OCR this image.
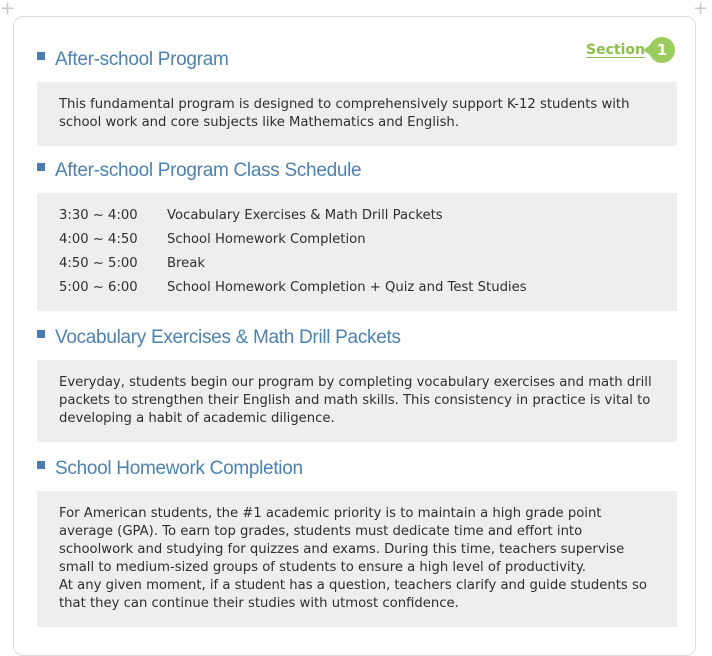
+	+
Section 1
After-school Program

This fundamental program is designed to comprehensively support K-12 students with school work and core subjects like Mathematics and English.

After-school Program Class Schedule
3:30 ~ 4:00	Vocabulary Exercises & Math Drill Packets
4:00 ~ 4:50	School Homework Completion
4:50 ~ 5:00	Break
5:00 ~ 6:00	School Homework Completion + Quiz and Test Studies
Vocabulary Exercises & Math Drill Packets

Everyday, students begin our program by completing vocabulary exercises and math drill packets to strengthen their English and math skills. This consistency in practice is vital to developing a habit of academic diligence.

School Homework Completion

For American students, the #1 academic priority is to maintain a high grade point average (GPA). To earn top grades, students must dedicate time and effort into schoolwork and studying for quizzes and exams. During this time, teachers supervise small to medium-sized groups of students to ensure a high level of productivity.

At any given moment, if a student has a question, teachers clarify and guide students so that they can continue their studies with utmost confidence.
